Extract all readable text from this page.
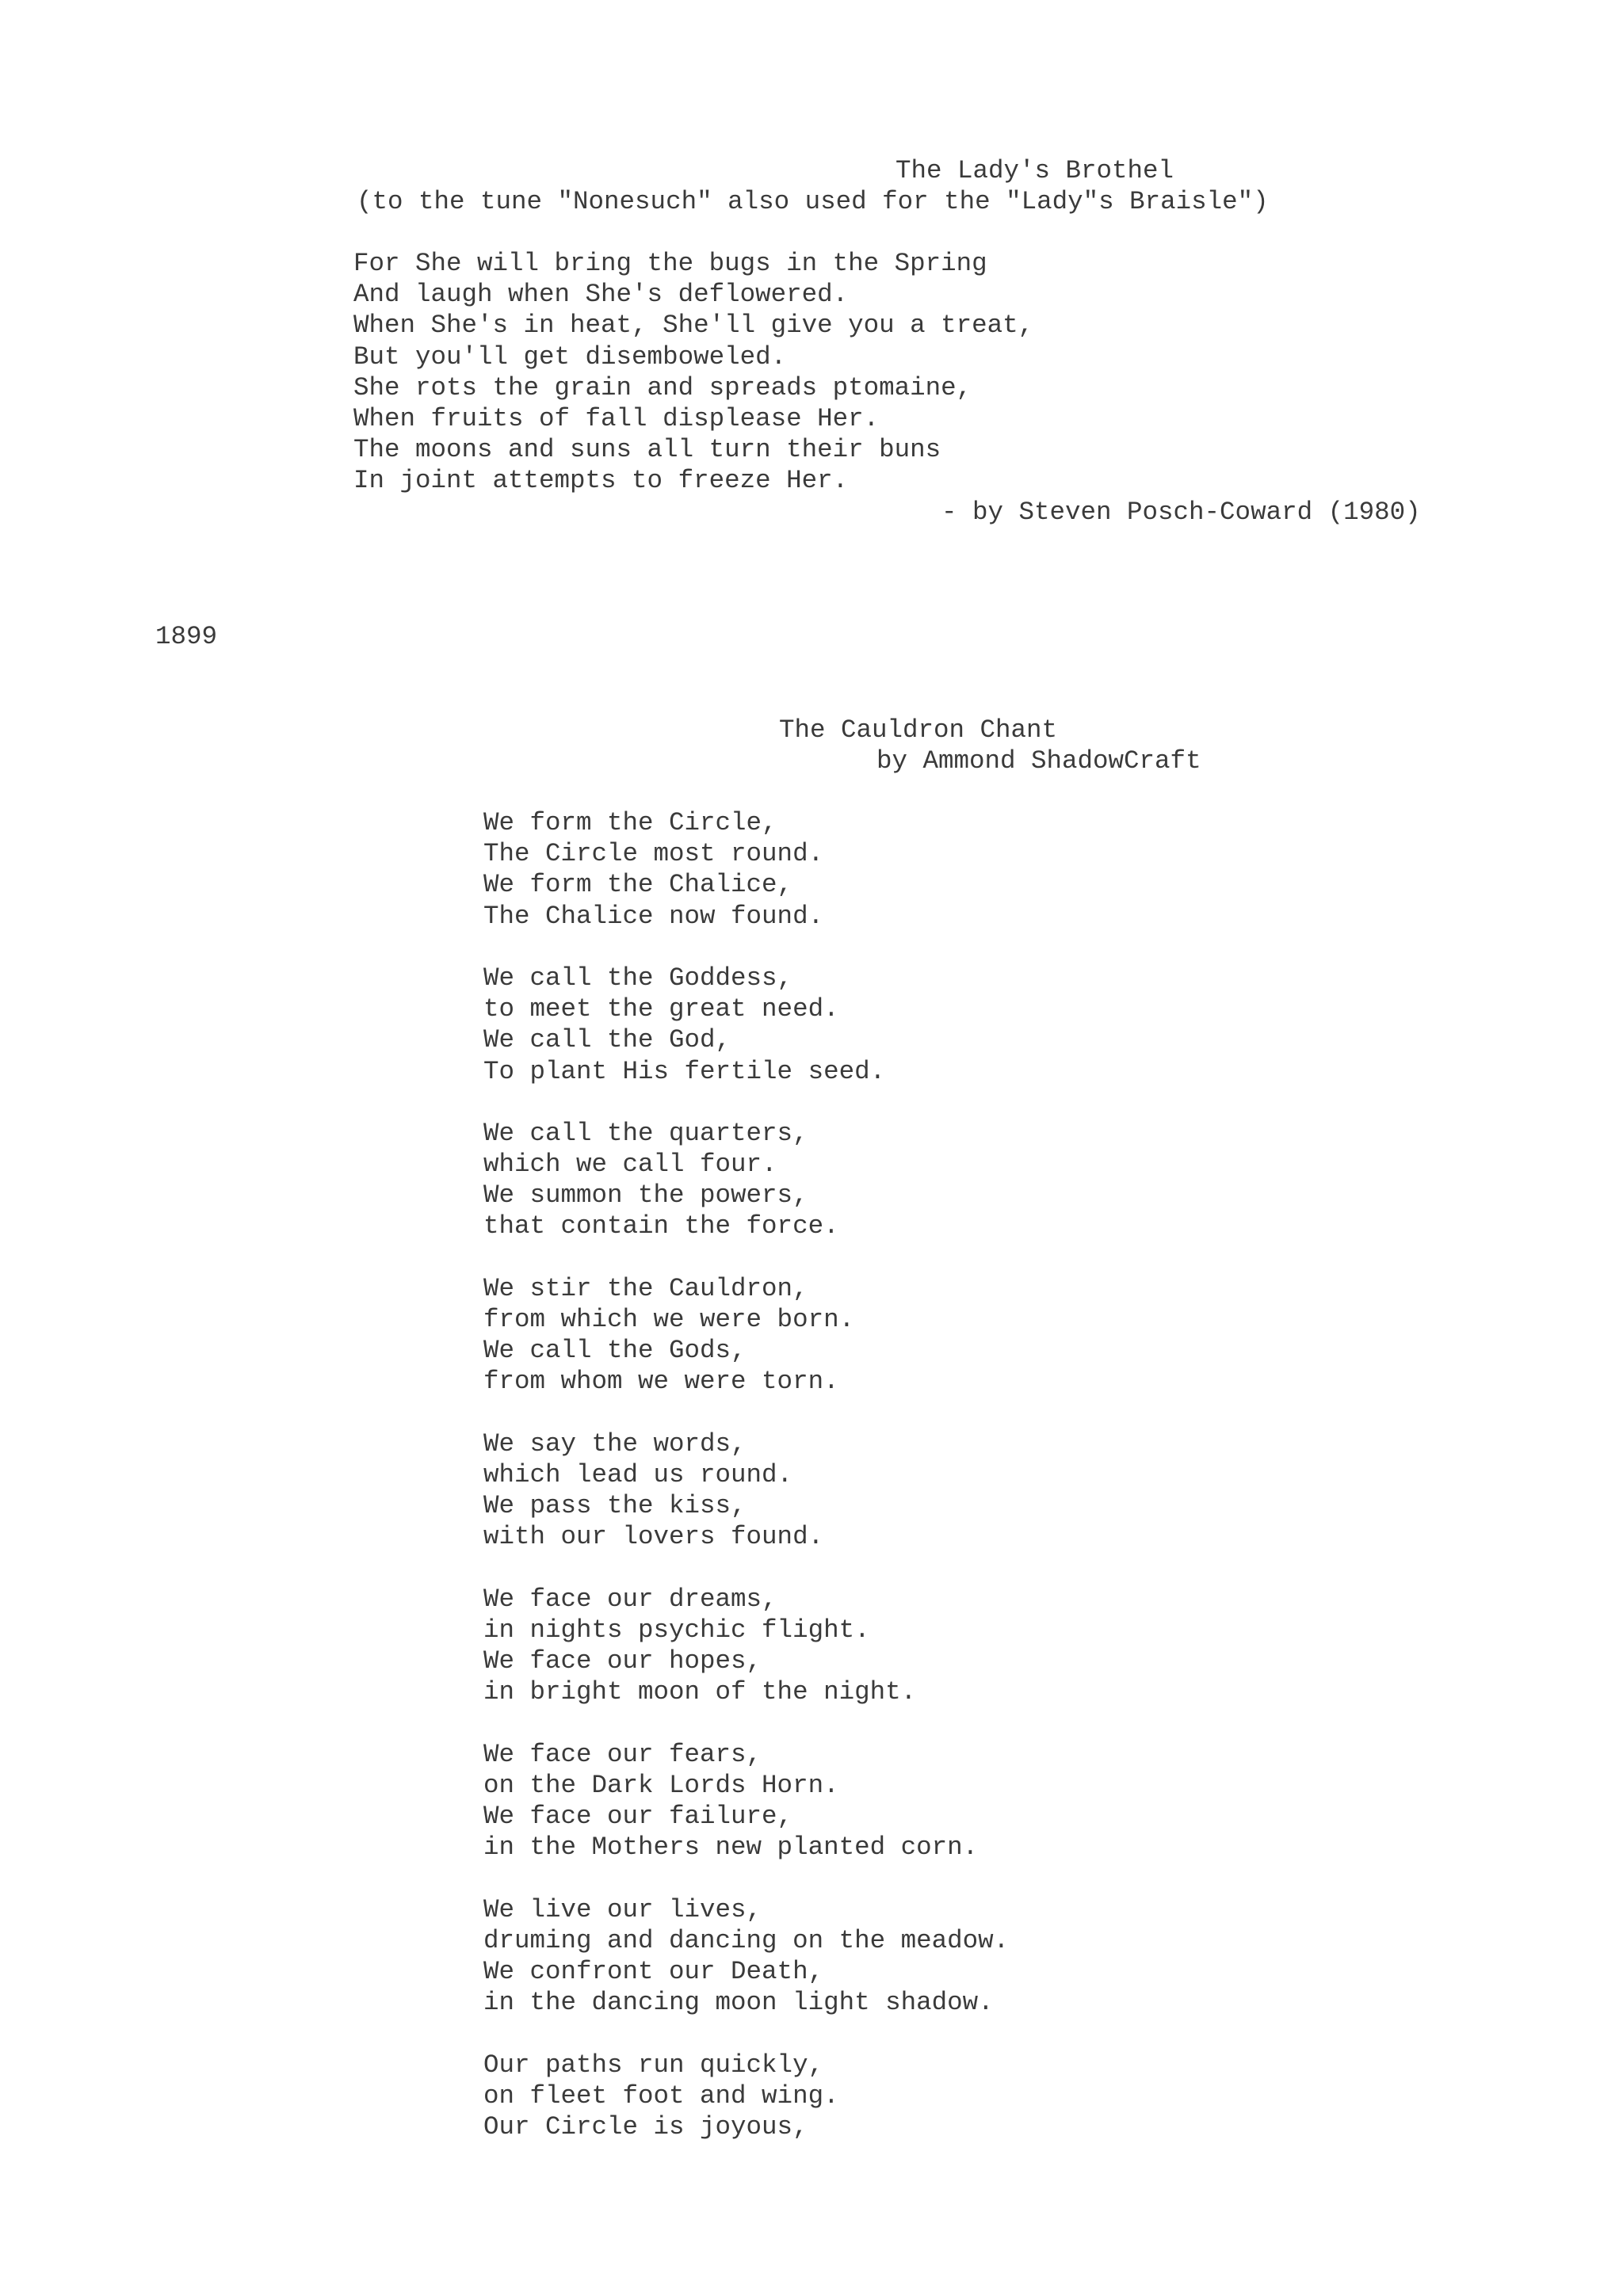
The Lady's Brothel
(to the tune "Nonesuch" also used for the "Lady"s Braisle")
For She will bring the bugs in the Spring
And laugh when She's deflowered.
When She's in heat, She'll give you a treat,
But you'll get disemboweled.
She rots the grain and spreads ptomaine,
When fruits of fall displease Her.
The moons and suns all turn their buns
In joint attempts to freeze Her.
- by Steven Posch-Coward (1980)
1899
The Cauldron Chant
by Ammond ShadowCraft
We form the Circle,
The Circle most round.
We form the Chalice,
The Chalice now found.
We call the Goddess,
to meet the great need.
We call the God,
To plant His fertile seed.
We call the quarters,
which we call four.
We summon the powers,
that contain the force.
We stir the Cauldron,
from which we were born.
We call the Gods,
from whom we were torn.
We say the words,
which lead us round.
We pass the kiss,
with our lovers found.
We face our dreams,
in nights psychic flight.
We face our hopes,
in bright moon of the night.
We face our fears,
on the Dark Lords Horn.
We face our failure,
in the Mothers new planted corn.
We live our lives,
druming and dancing on the meadow.
We confront our Death,
in the dancing moon light shadow.
Our paths run quickly,
on fleet foot and wing.
Our Circle is joyous,
